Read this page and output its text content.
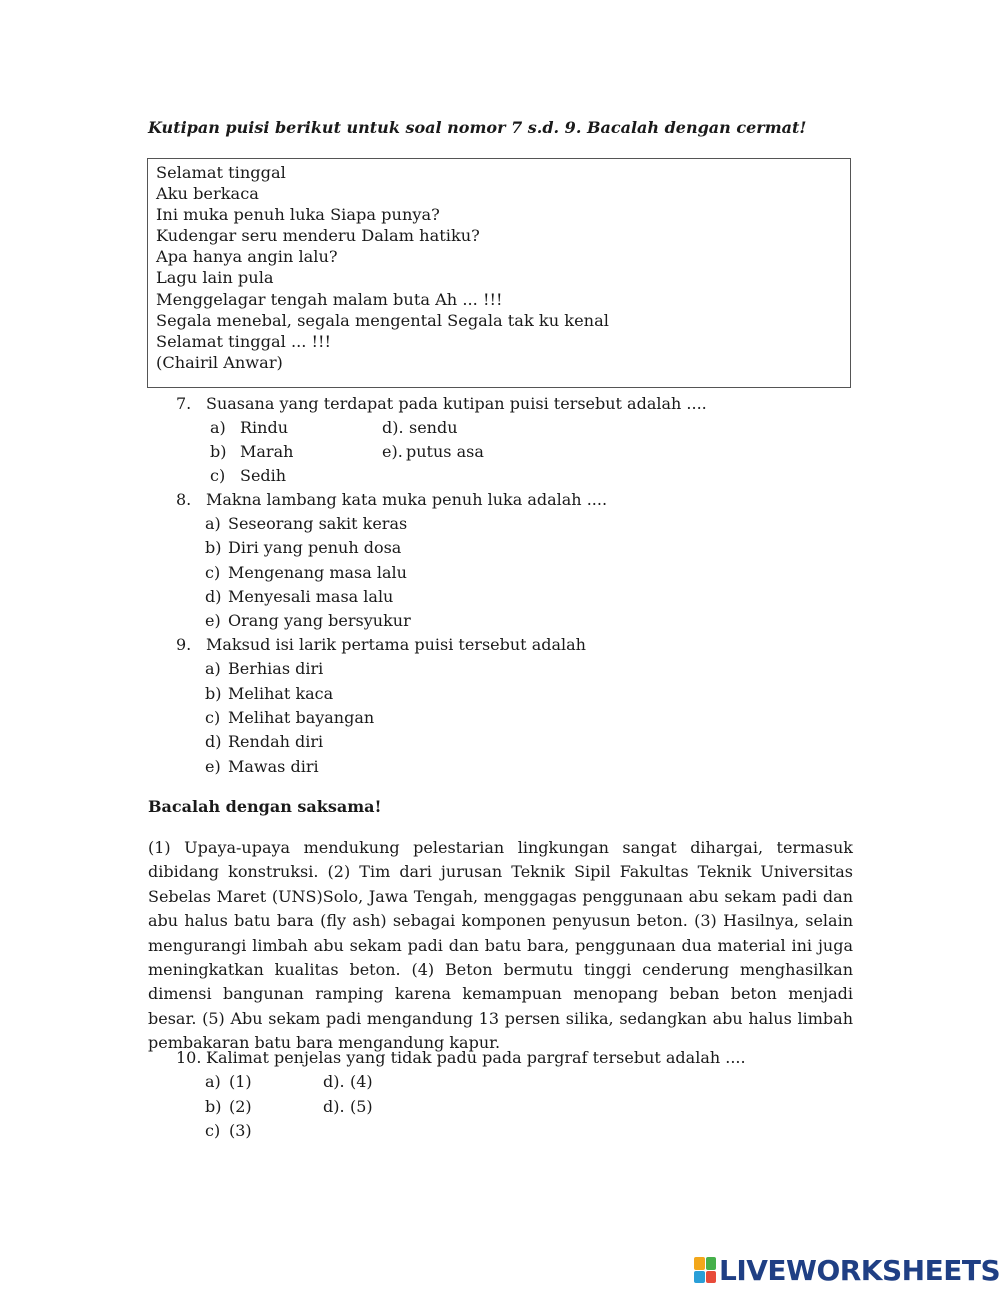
Kutipan puisi berikut untuk soal nomor 7 s.d. 9. Bacalah dengan cermat!
Selamat tinggal
Aku berkaca
Ini muka penuh luka Siapa punya?
Kudengar seru menderu Dalam hatiku?
Apa hanya angin lalu?
Lagu lain pula
Menggelagar tengah malam buta Ah ... !!!
Segala menebal, segala mengental Segala tak ku kenal
Selamat tinggal ... !!!
(Chairil Anwar)
7. Suasana yang terdapat pada kutipan puisi tersebut adalah ....
a) Rindu	d). sendu
b) Marah	e). putus asa
c) Sedih
8. Makna lambang kata muka penuh luka adalah ....
a) Seseorang sakit keras
b) Diri yang penuh dosa
c) Mengenang masa lalu
d) Menyesali masa lalu
e) Orang yang bersyukur
9. Maksud isi larik pertama puisi tersebut adalah
a) Berhias diri
b) Melihat kaca
c) Melihat bayangan
d) Rendah diri
e) Mawas diri
Bacalah dengan saksama!
(1) Upaya-upaya mendukung pelestarian lingkungan sangat dihargai, termasuk dibidang konstruksi. (2) Tim dari jurusan Teknik Sipil Fakultas Teknik Universitas Sebelas Maret (UNS)Solo, Jawa Tengah, menggagas penggunaan abu sekam padi dan abu halus batu bara (fly ash) sebagai komponen penyusun beton. (3) Hasilnya, selain mengurangi limbah abu sekam padi dan batu bara, penggunaan dua material ini juga meningkatkan kualitas beton. (4) Beton bermutu tinggi cenderung menghasilkan dimensi bangunan ramping karena kemampuan menopang beban beton menjadi besar. (5) Abu sekam padi mengandung 13 persen silika, sedangkan abu halus limbah pembakaran batu bara mengandung kapur.
10. Kalimat penjelas yang tidak padu pada pargraf tersebut adalah ....
a) (1)	d). (4)
b) (2)	d). (5)
c) (3)
LIVEWORKSHEETS
